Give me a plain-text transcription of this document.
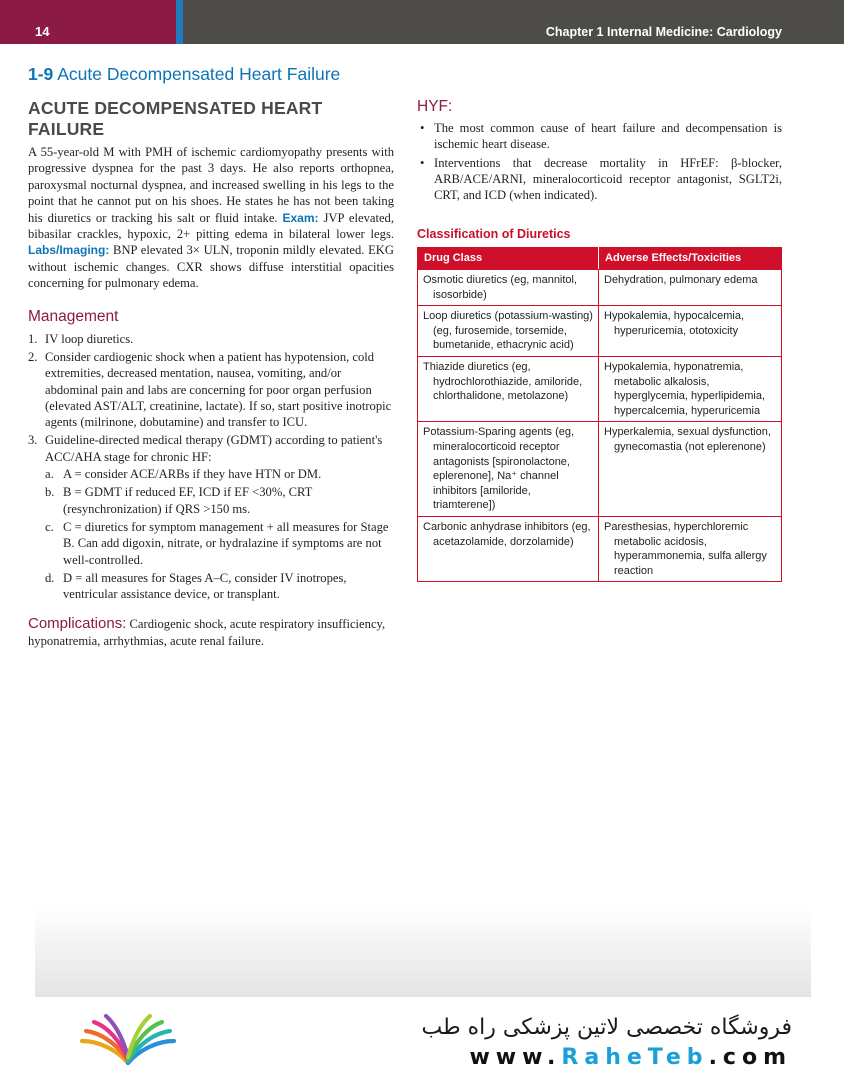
14	Chapter 1 Internal Medicine: Cardiology
1-9 Acute Decompensated Heart Failure
ACUTE DECOMPENSATED HEART FAILURE

A 55-year-old M with PMH of ischemic cardiomyopathy presents with progressive dyspnea for the past 3 days. He also reports orthopnea, paroxysmal nocturnal dyspnea, and increased swelling in his legs to the point that he cannot put on his shoes. He states he has not been taking his diuretics or tracking his salt or fluid intake. Exam: JVP elevated, bibasilar crackles, hypoxic, 2+ pitting edema in bilateral lower legs. Labs/Imaging: BNP elevated 3× ULN, troponin mildly elevated. EKG without ischemic changes. CXR shows diffuse interstitial opacities concerning for pulmonary edema.

Management
1. IV loop diuretics.
2. Consider cardiogenic shock when a patient has hypotension, cold extremities, decreased mentation, nausea, vomiting, and/or abdominal pain and labs are concerning for poor organ perfusion (elevated AST/ALT, creatinine, lactate). If so, start positive inotropic agents (milrinone, dobutamine) and transfer to ICU.
3. Guideline-directed medical therapy (GDMT) according to patient's ACC/AHA stage for chronic HF:
a. A = consider ACE/ARBs if they have HTN or DM.
b. B = GDMT if reduced EF, ICD if EF <30%, CRT (resynchronization) if QRS >150 ms.
c. C = diuretics for symptom management + all measures for Stage B. Can add digoxin, nitrate, or hydralazine if symptoms are not well-controlled.
d. D = all measures for Stages A–C, consider IV inotropes, ventricular assistance device, or transplant.

Complications: Cardiogenic shock, acute respiratory insufficiency, hyponatremia, arrhythmias, acute renal failure.

HYF:
• The most common cause of heart failure and decompensation is ischemic heart disease.
• Interventions that decrease mortality in HFrEF: β-blocker, ARB/ACE/ARNI, mineralocorticoid receptor antagonist, SGLT2i, CRT, and ICD (when indicated).
Classification of Diuretics
Drug Class	Adverse Effects/Toxicities

Osmotic diuretics (eg, mannitol, isosorbide)	Dehydration, pulmonary edema

Loop diuretics (potassium-wasting) (eg, furosemide, torsemide, bumetanide, ethacrynic acid)	Hypokalemia, hypocalcemia, hyperuricemia, ototoxicity

Thiazide diuretics (eg, hydrochlorothiazide, amiloride, chlorthalidone, metolazone)	Hypokalemia, hyponatremia, metabolic alkalosis, hyperglycemia, hyperlipidemia, hypercalcemia, hyperuricemia

Potassium-Sparing agents (eg, mineralocorticoid receptor antagonists [spironolactone, eplerenone], Na⁺ channel inhibitors [amiloride, triamterene])	Hyperkalemia, sexual dysfunction, gynecomastia (not eplerenone)

Carbonic anhydrase inhibitors (eg, acetazolamide, dorzolamide)	Paresthesias, hyperchloremic metabolic acidosis, hyperammonemia, sulfa allergy reaction
فروشگاه تخصصی لاتین پزشکی راه طب
www.RaheTeb.com
